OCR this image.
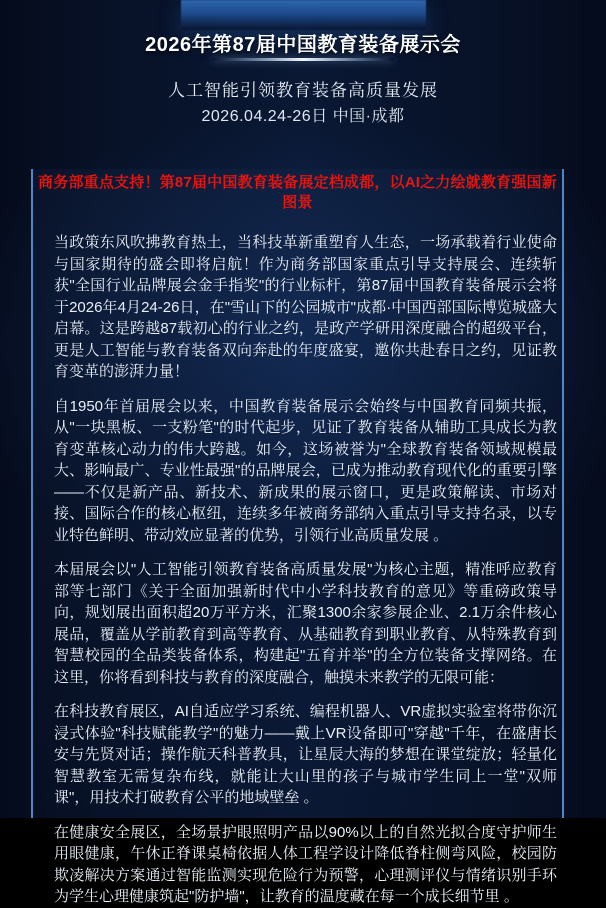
2026年第87届中国教育装备展示会
人工智能引领教育装备高质量发展
2026.04.24-26日 中国·成都
商务部重点支持！第87届中国教育装备展定档成都，以AI之力绘就教育强国新图景

当政策东风吹拂教育热土，当科技革新重塑育人生态，一场承载着行业使命与国家期待的盛会即将启航！作为商务部国家重点引导支持展会、连续斩获"全国行业品牌展会金手指奖"的行业标杆，第87届中国教育装备展示会将于2026年4月24-26日，在"雪山下的公园城市"成都·中国西部国际博览城盛大启幕。这是跨越87载初心的行业之约，是政产学研用深度融合的超级平台，更是人工智能与教育装备双向奔赴的年度盛宴，邀你共赴春日之约，见证教育变革的澎湃力量！

自1950年首届展会以来，中国教育装备展示会始终与中国教育同频共振，从"一块黑板、一支粉笔"的时代起步，见证了教育装备从辅助工具成长为教育变革核心动力的伟大跨越。如今，这场被誉为"全球教育装备领域规模最大、影响最广、专业性最强"的品牌展会，已成为推动教育现代化的重要引擎——不仅是新产品、新技术、新成果的展示窗口，更是政策解读、市场对接、国际合作的核心枢纽，连续多年被商务部纳入重点引导支持名录，以专业特色鲜明、带动效应显著的优势，引领行业高质量发展 。

本届展会以"人工智能引领教育装备高质量发展"为核心主题，精准呼应教育部等七部门《关于全面加强新时代中小学科技教育的意见》等重磅政策导向，规划展出面积超20万平方米，汇聚1300余家参展企业、2.1万余件核心展品，覆盖从学前教育到高等教育、从基础教育到职业教育、从特殊教育到智慧校园的全品类装备体系，构建起"五育并举"的全方位装备支撑网络。在这里，你将看到科技与教育的深度融合，触摸未来教学的无限可能：

在科技教育展区，AI自适应学习系统、编程机器人、VR虚拟实验室将带你沉浸式体验"科技赋能教学"的魅力——戴上VR设备即可"穿越"千年，在盛唐长安与先贤对话；操作航天科普教具，让星辰大海的梦想在课堂绽放；轻量化智慧教室无需复杂布线，就能让大山里的孩子与城市学生同上一堂"双师课"，用技术打破教育公平的地域壁垒 。

在健康安全展区，全场景护眼照明产品以90%以上的自然光拟合度守护师生用眼健康，午休正脊课桌椅依据人体工程学设计降低脊柱侧弯风险，校园防欺凌解决方案通过智能监测实现危险行为预警，心理测评仪与情绪识别手环为学生心理健康筑起"防护墙"，让教育的温度藏在每一个成长细节里 。
